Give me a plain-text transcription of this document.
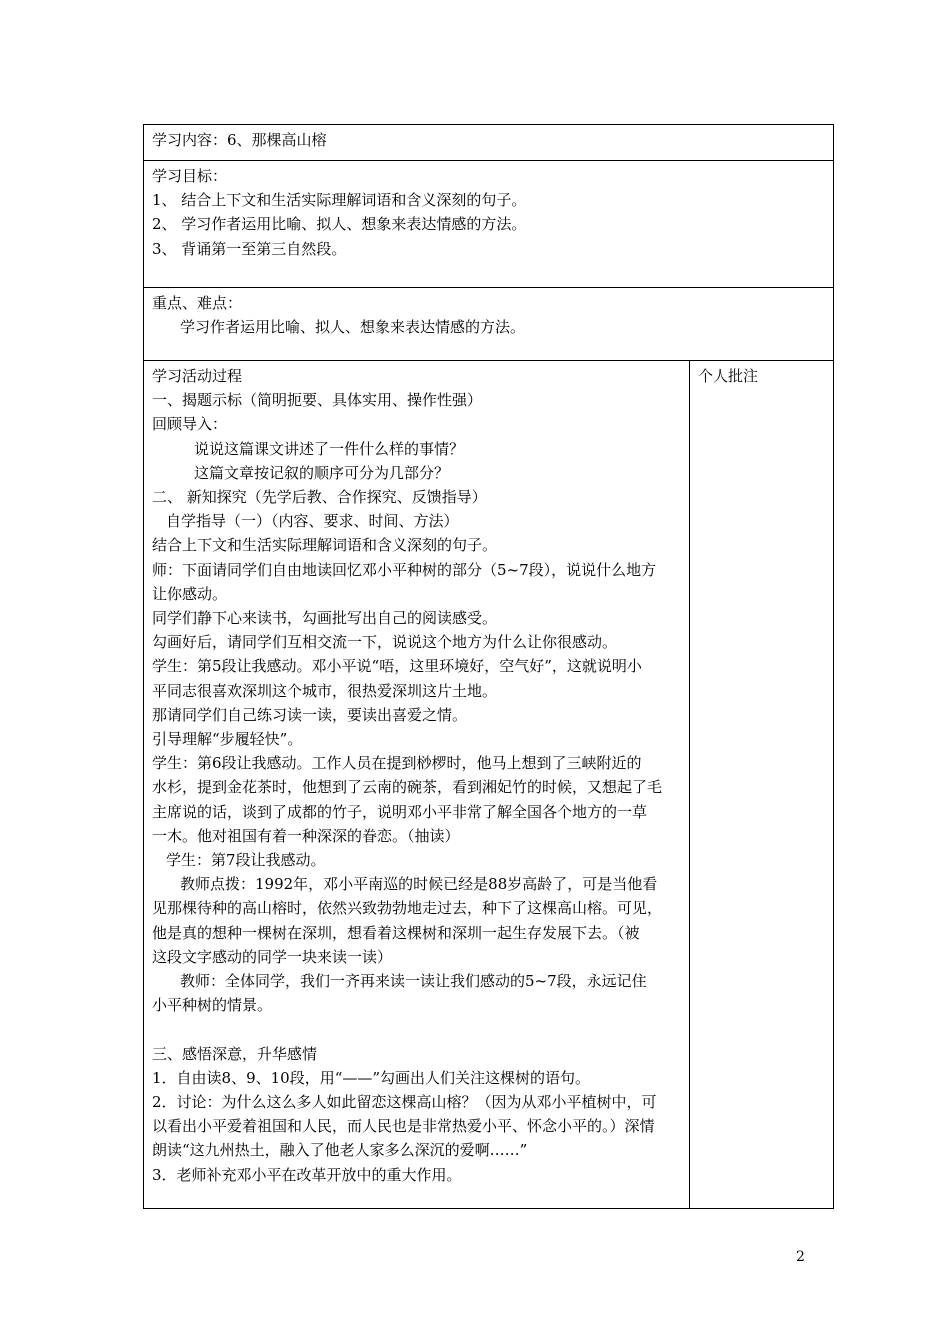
学习内容：6、那棵高山榕

学习目标：
1、 结合上下文和生活实际理解词语和含义深刻的句子。
2、 学习作者运用比喻、拟人、想象来表达情感的方法。
3、 背诵第一至第三自然段。

重点、难点：
学习作者运用比喻、拟人、想象来表达情感的方法。

学习活动过程
一、揭题示标（简明扼要、具体实用、操作性强）
回顾导入：
说说这篇课文讲述了一件什么样的事情？
这篇文章按记叙的顺序可分为几部分？
二、 新知探究（先学后教、合作探究、反馈指导）
自学指导（一）（内容、要求、时间、方法）
结合上下文和生活实际理解词语和含义深刻的句子。
师：下面请同学们自由地读回忆邓小平种树的部分（5~7段），说说什么地方
让你感动。
同学们静下心来读书，勾画批写出自己的阅读感受。
勾画好后，请同学们互相交流一下，说说这个地方为什么让你很感动。
学生：第5段让我感动。邓小平说“唔，这里环境好，空气好”，这就说明小
平同志很喜欢深圳这个城市，很热爱深圳这片土地。
那请同学们自己练习读一读，要读出喜爱之情。
引导理解“步履轻快”。
学生：第6段让我感动。工作人员在提到桫椤时，他马上想到了三峡附近的
水杉，提到金花茶时，他想到了云南的碗茶，看到湘妃竹的时候，又想起了毛
主席说的话，谈到了成都的竹子，说明邓小平非常了解全国各个地方的一草
一木。他对祖国有着一种深深的眷恋。（抽读）
学生：第7段让我感动。
教师点拨：1992年，邓小平南巡的时候已经是88岁高龄了，可是当他看
见那棵待种的高山榕时，依然兴致勃勃地走过去，种下了这棵高山榕。可见，
他是真的想种一棵树在深圳，想看着这棵树和深圳一起生存发展下去。（被
这段文字感动的同学一块来读一读）
教师：全体同学，我们一齐再来读一读让我们感动的5~7段，永远记住
小平种树的情景。
三、感悟深意，升华感情
1．自由读8、9、10段，用“——”勾画出人们关注这棵树的语句。
2．讨论：为什么这么多人如此留恋这棵高山榕？（因为从邓小平植树中，可
以看出小平爱着祖国和人民，而人民也是非常热爱小平、怀念小平的。）深情
朗读“这九州热土，融入了他老人家多么深沉的爱啊……”
3．老师补充邓小平在改革开放中的重大作用。

个人批注
2
